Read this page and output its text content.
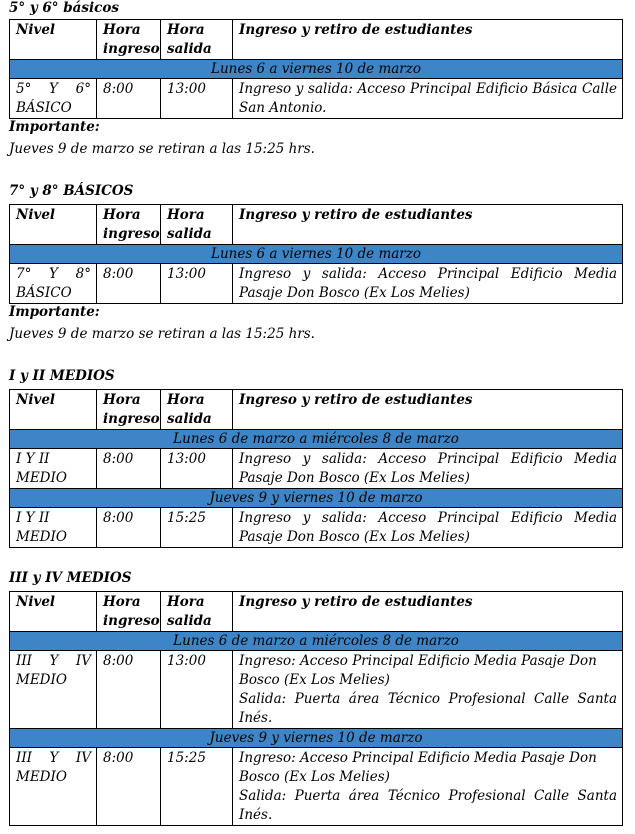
5° y 6° básicos
Nivel	Hora ingreso	Hora salida	Ingreso y retiro de estudiantes
Lunes 6 a viernes 10 de marzo			
5° Y 6° BÁSICO	8:00	13:00	Ingreso y salida: Acceso Principal Edificio Básica Calle San Antonio.
Importante:
Jueves 9 de marzo se retiran a las 15:25 hrs.
7° y 8° BÁSICOS
Nivel	Hora ingreso	Hora salida	Ingreso y retiro de estudiantes
Lunes 6 a viernes 10 de marzo			
7° Y 8° BÁSICO	8:00	13:00	Ingreso y salida: Acceso Principal Edificio Media Pasaje Don Bosco (Ex Los Melies)
Importante:
Jueves 9 de marzo se retiran a las 15:25 hrs.
I y II MEDIOS
Nivel	Hora ingreso	Hora salida	Ingreso y retiro de estudiantes
Lunes 6 de marzo a miércoles 8 de marzo			
I Y II MEDIO	8:00	13:00	Ingreso y salida: Acceso Principal Edificio Media Pasaje Don Bosco (Ex Los Melies)
Jueves 9 y viernes 10 de marzo			
I Y II MEDIO	8:00	15:25	Ingreso y salida: Acceso Principal Edificio Media Pasaje Don Bosco (Ex Los Melies)
III y IV MEDIOS
Nivel	Hora ingreso	Hora salida	Ingreso y retiro de estudiantes
Lunes 6 de marzo a miércoles 8 de marzo			
III Y IV MEDIO	8:00	13:00	Ingreso: Acceso Principal Edificio Media Pasaje Don Bosco (Ex Los Melies)
Salida: Puerta área Técnico Profesional Calle Santa Inés.

Jueves 9 y viernes 10 de marzo			
III Y IV MEDIO	8:00	15:25	Ingreso: Acceso Principal Edificio Media Pasaje Don Bosco (Ex Los Melies)
Salida: Puerta área Técnico Profesional Calle Santa Inés.
